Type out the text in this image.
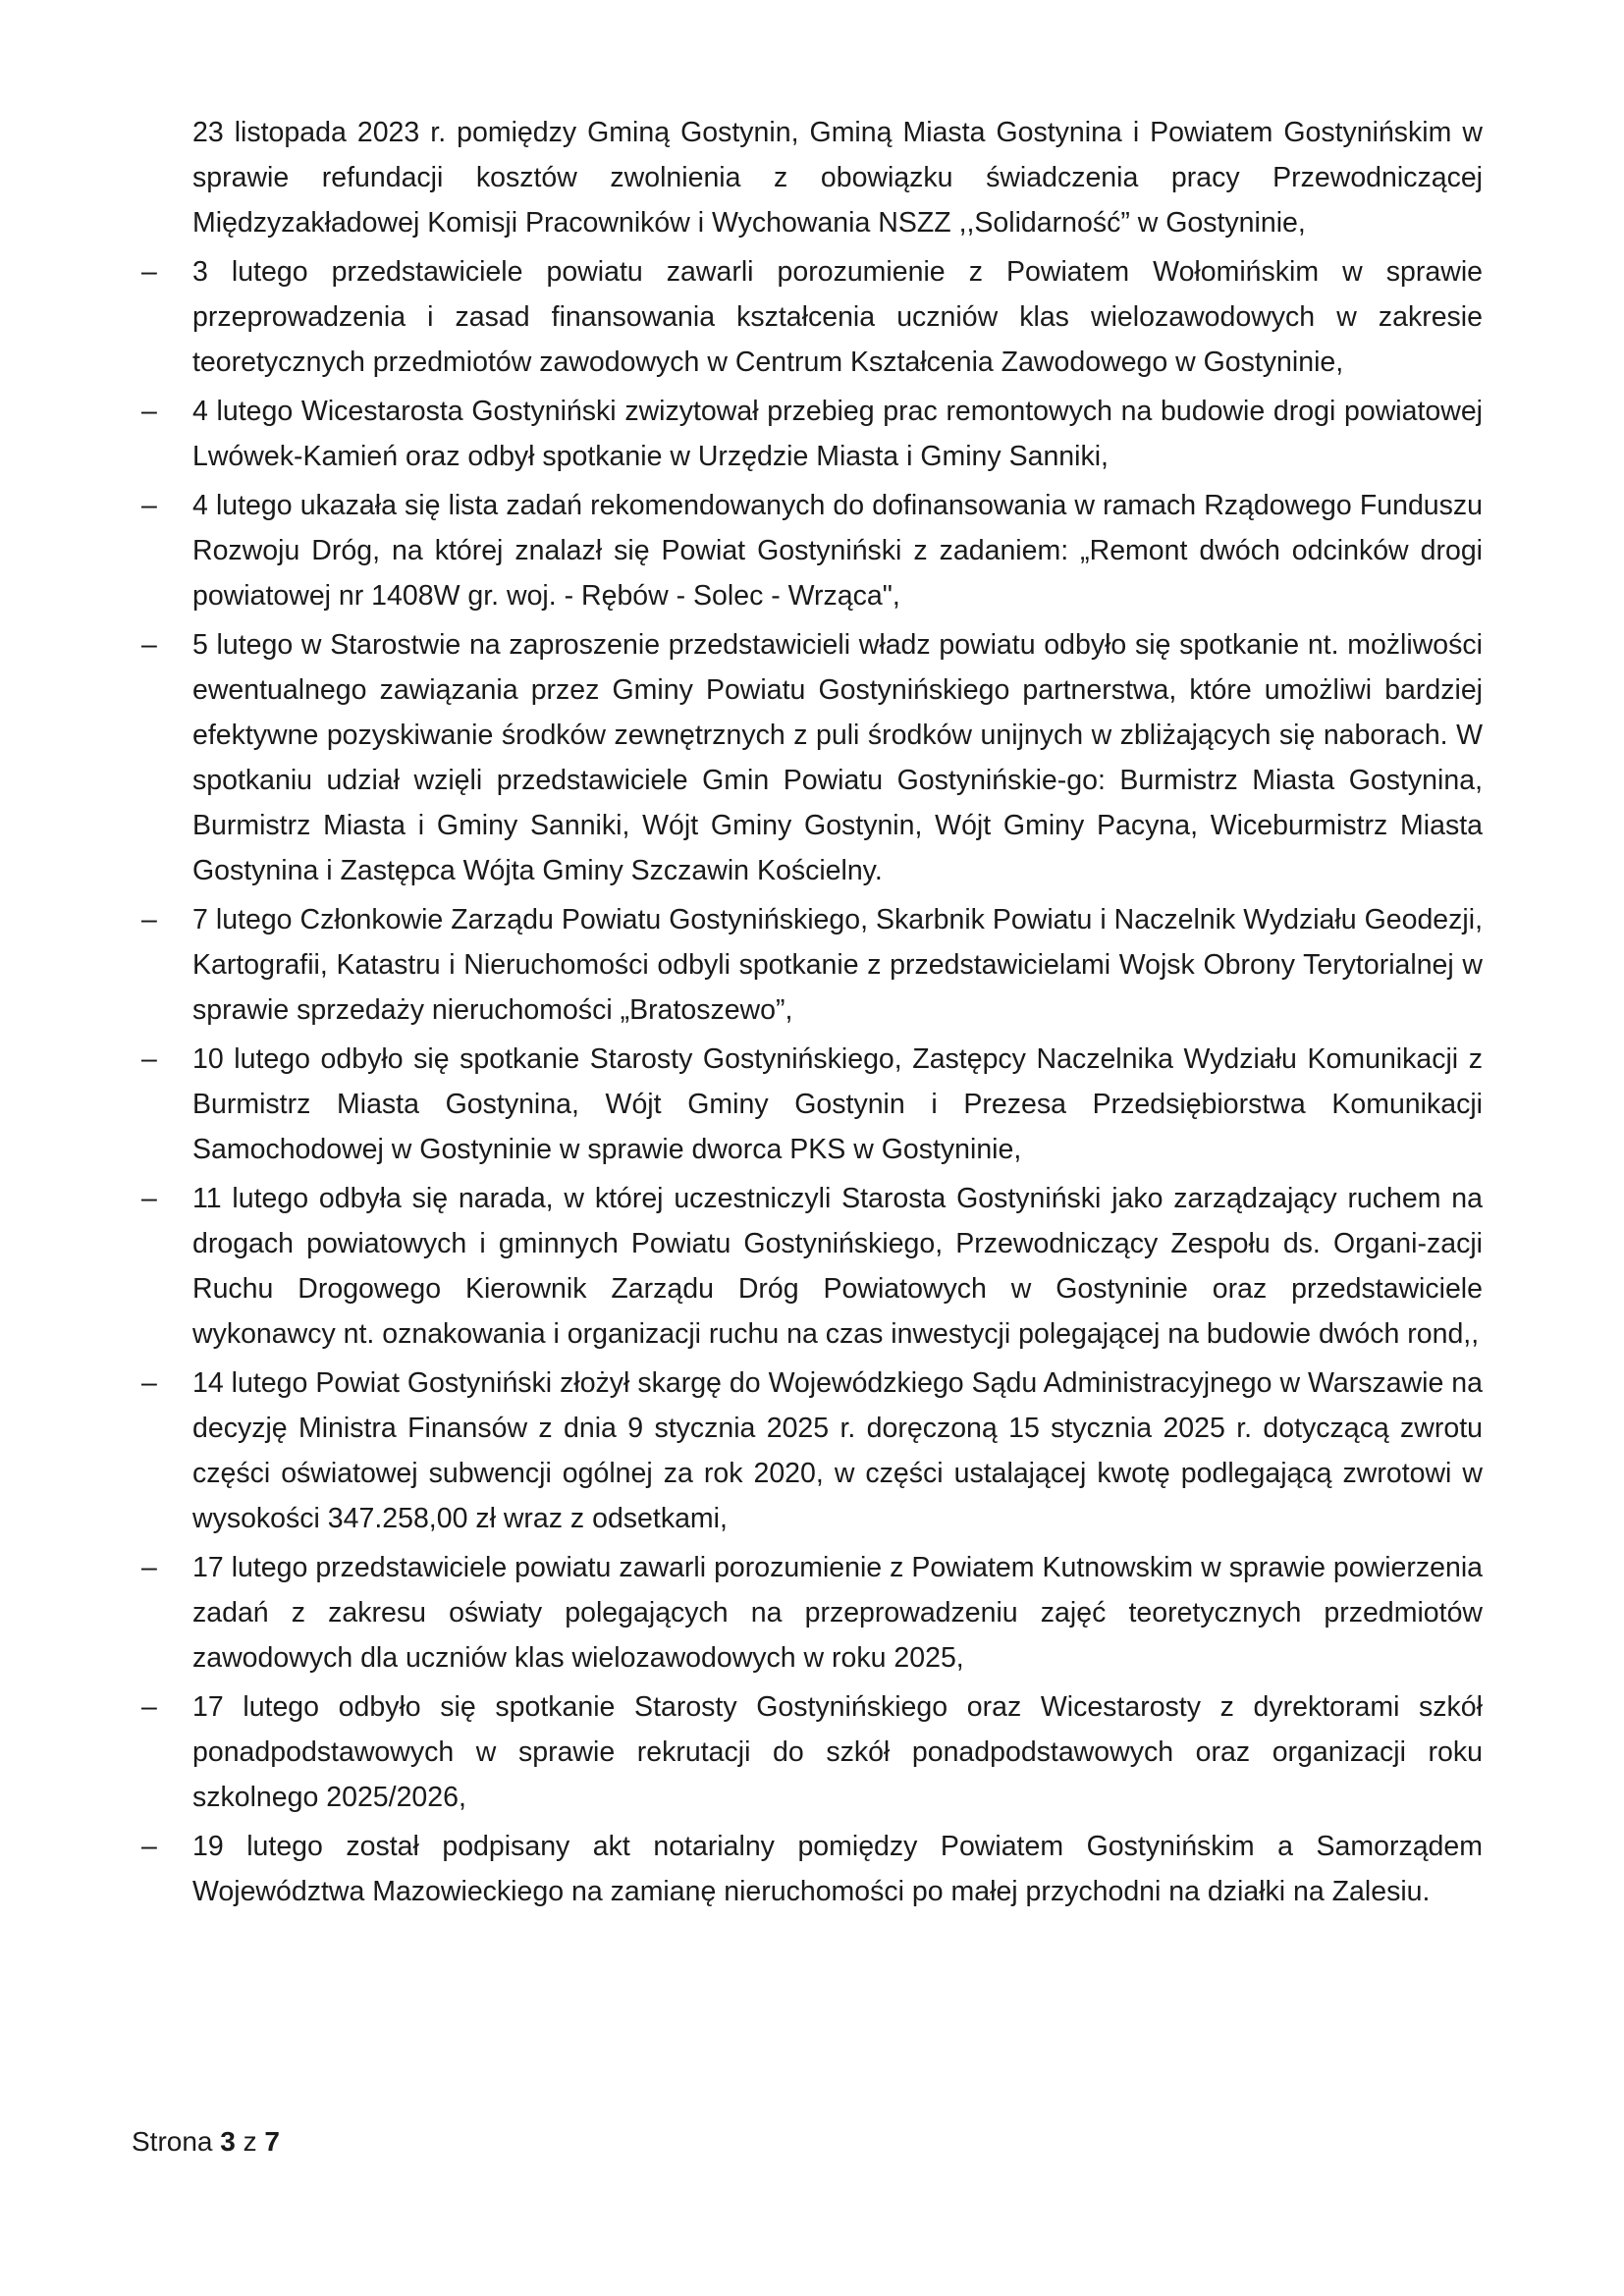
23 listopada 2023 r. pomiędzy Gminą Gostynin, Gminą Miasta Gostynina i Powiatem Gostynińskim w sprawie refundacji kosztów zwolnienia z obowiązku świadczenia pracy Przewodniczącej Międzyzakładowej Komisji Pracowników i Wychowania NSZZ ,,Solidarność” w Gostyninie,

– 3 lutego przedstawiciele powiatu zawarli porozumienie z Powiatem Wołomińskim w sprawie przeprowadzenia i zasad finansowania kształcenia uczniów klas wielozawodowych w zakresie teoretycznych przedmiotów zawodowych w Centrum Kształcenia Zawodowego w Gostyninie,
– 4 lutego Wicestarosta Gostyniński zwizytował przebieg prac remontowych na budowie drogi powiatowej Lwówek-Kamień oraz odbył spotkanie w Urzędzie Miasta i Gminy Sanniki,
– 4 lutego ukazała się lista zadań rekomendowanych do dofinansowania w ramach Rządowego Funduszu Rozwoju Dróg, na której znalazł się Powiat Gostyniński z zadaniem: „Remont dwóch odcinków drogi powiatowej nr 1408W gr. woj. - Rębów - Solec - Wrząca",
– 5 lutego w Starostwie na zaproszenie przedstawicieli władz powiatu odbyło się spotkanie nt. możliwości ewentualnego zawiązania przez Gminy Powiatu Gostynińskiego partnerstwa, które umożliwi bardziej efektywne pozyskiwanie środków zewnętrznych z puli środków unijnych w zbliżających się naborach. W spotkaniu udział wzięli przedstawiciele Gmin Powiatu Gostynińskie-go: Burmistrz Miasta Gostynina, Burmistrz Miasta i Gminy Sanniki, Wójt Gminy Gostynin, Wójt Gminy Pacyna, Wiceburmistrz Miasta Gostynina i Zastępca Wójta Gminy Szczawin Kościelny.
– 7 lutego Członkowie Zarządu Powiatu Gostynińskiego, Skarbnik Powiatu i Naczelnik Wydziału Geodezji, Kartografii, Katastru i Nieruchomości odbyli spotkanie z przedstawicielami Wojsk Obrony Terytorialnej w sprawie sprzedaży nieruchomości „Bratoszewo”,
– 10 lutego odbyło się spotkanie Starosty Gostynińskiego, Zastępcy Naczelnika Wydziału Komunikacji z Burmistrz Miasta Gostynina, Wójt Gminy Gostynin i Prezesa Przedsiębiorstwa Komunikacji Samochodowej w Gostyninie w sprawie dworca PKS w Gostyninie,
– 11 lutego odbyła się narada, w której uczestniczyli Starosta Gostyniński jako zarządzający ruchem na drogach powiatowych i gminnych Powiatu Gostynińskiego, Przewodniczący Zespołu ds. Organi-zacji Ruchu Drogowego Kierownik Zarządu Dróg Powiatowych w Gostyninie oraz przedstawiciele wykonawcy nt. oznakowania i organizacji ruchu na czas inwestycji polegającej na budowie dwóch rond,,
– 14 lutego Powiat Gostyniński złożył skargę do Wojewódzkiego Sądu Administracyjnego w Warszawie na decyzję Ministra Finansów z dnia 9 stycznia 2025 r. doręczoną 15 stycznia 2025 r. dotyczącą zwrotu części oświatowej subwencji ogólnej za rok 2020, w części ustalającej kwotę podlegającą zwrotowi w wysokości 347.258,00 zł wraz z odsetkami,
– 17 lutego przedstawiciele powiatu zawarli porozumienie z Powiatem Kutnowskim w sprawie powierzenia zadań z zakresu oświaty polegających na przeprowadzeniu zajęć teoretycznych przedmiotów zawodowych dla uczniów klas wielozawodowych w roku 2025,
– 17 lutego odbyło się spotkanie Starosty Gostynińskiego oraz Wicestarosty z dyrektorami szkół ponadpodstawowych w sprawie rekrutacji do szkół ponadpodstawowych oraz organizacji roku szkolnego 2025/2026,
– 19 lutego został podpisany akt notarialny pomiędzy Powiatem Gostynińskim a Samorządem Województwa Mazowieckiego na zamianę nieruchomości po małej przychodni na działki na Zalesiu.
Strona 3 z 7
